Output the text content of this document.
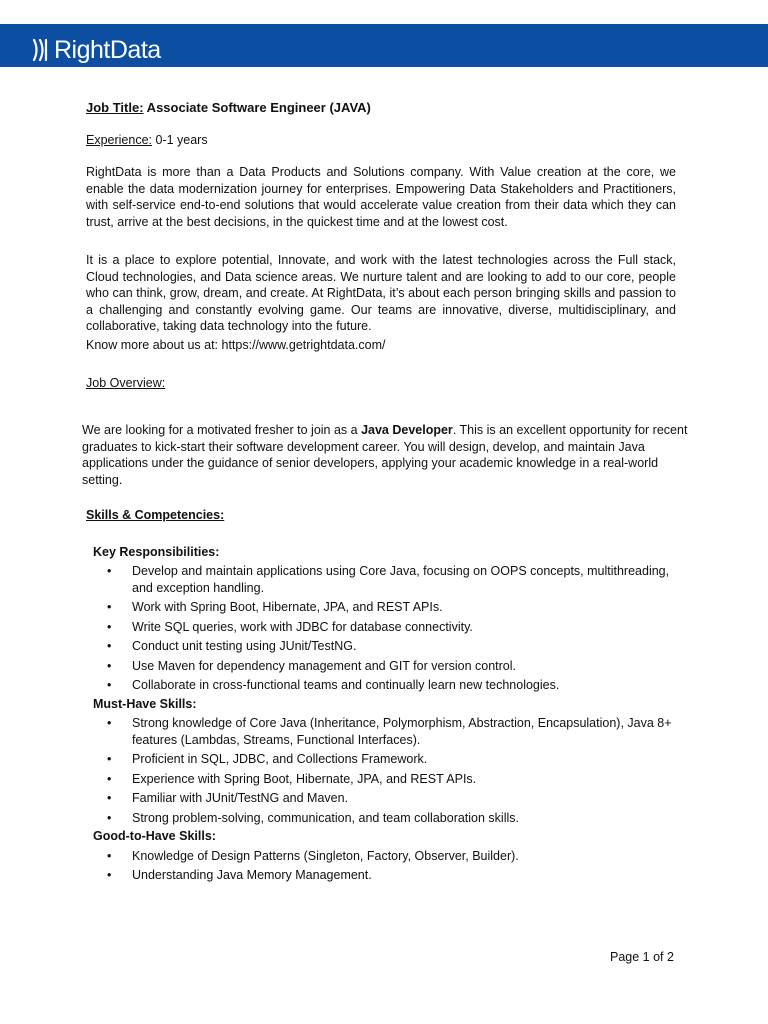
RightData

Job Title: Associate Software Engineer (JAVA)

Experience: 0-1 years

RightData is more than a Data Products and Solutions company. With Value creation at the core, we enable the data modernization journey for enterprises. Empowering Data Stakeholders and Practitioners, with self-service end-to-end solutions that would accelerate value creation from their data which they can trust, arrive at the best decisions, in the quickest time and at the lowest cost.

It is a place to explore potential, Innovate, and work with the latest technologies across the Full stack, Cloud technologies, and Data science areas. We nurture talent and are looking to add to our core, people who can think, grow, dream, and create. At RightData, it’s about each person bringing skills and passion to a challenging and constantly evolving game. Our teams are innovative, diverse, multidisciplinary, and collaborative, taking data technology into the future.

Know more about us at: https://www.getrightdata.com/

Job Overview:

We are looking for a motivated fresher to join as a Java Developer. This is an excellent opportunity for recent graduates to kick-start their software development career. You will design, develop, and maintain Java applications under the guidance of senior developers, applying your academic knowledge in a real-world setting.

Skills & Competencies:

Key Responsibilities:

• Develop and maintain applications using Core Java, focusing on OOPS concepts, multithreading, and exception handling.
• Work with Spring Boot, Hibernate, JPA, and REST APIs.
• Write SQL queries, work with JDBC for database connectivity.
• Conduct unit testing using JUnit/TestNG.
• Use Maven for dependency management and GIT for version control.
• Collaborate in cross-functional teams and continually learn new technologies.

Must-Have Skills:

• Strong knowledge of Core Java (Inheritance, Polymorphism, Abstraction, Encapsulation), Java 8+ features (Lambdas, Streams, Functional Interfaces).
• Proficient in SQL, JDBC, and Collections Framework.
• Experience with Spring Boot, Hibernate, JPA, and REST APIs.
• Familiar with JUnit/TestNG and Maven.
• Strong problem-solving, communication, and team collaboration skills.

Good-to-Have Skills:

• Knowledge of Design Patterns (Singleton, Factory, Observer, Builder).
• Understanding Java Memory Management.
Page 1 of 2
